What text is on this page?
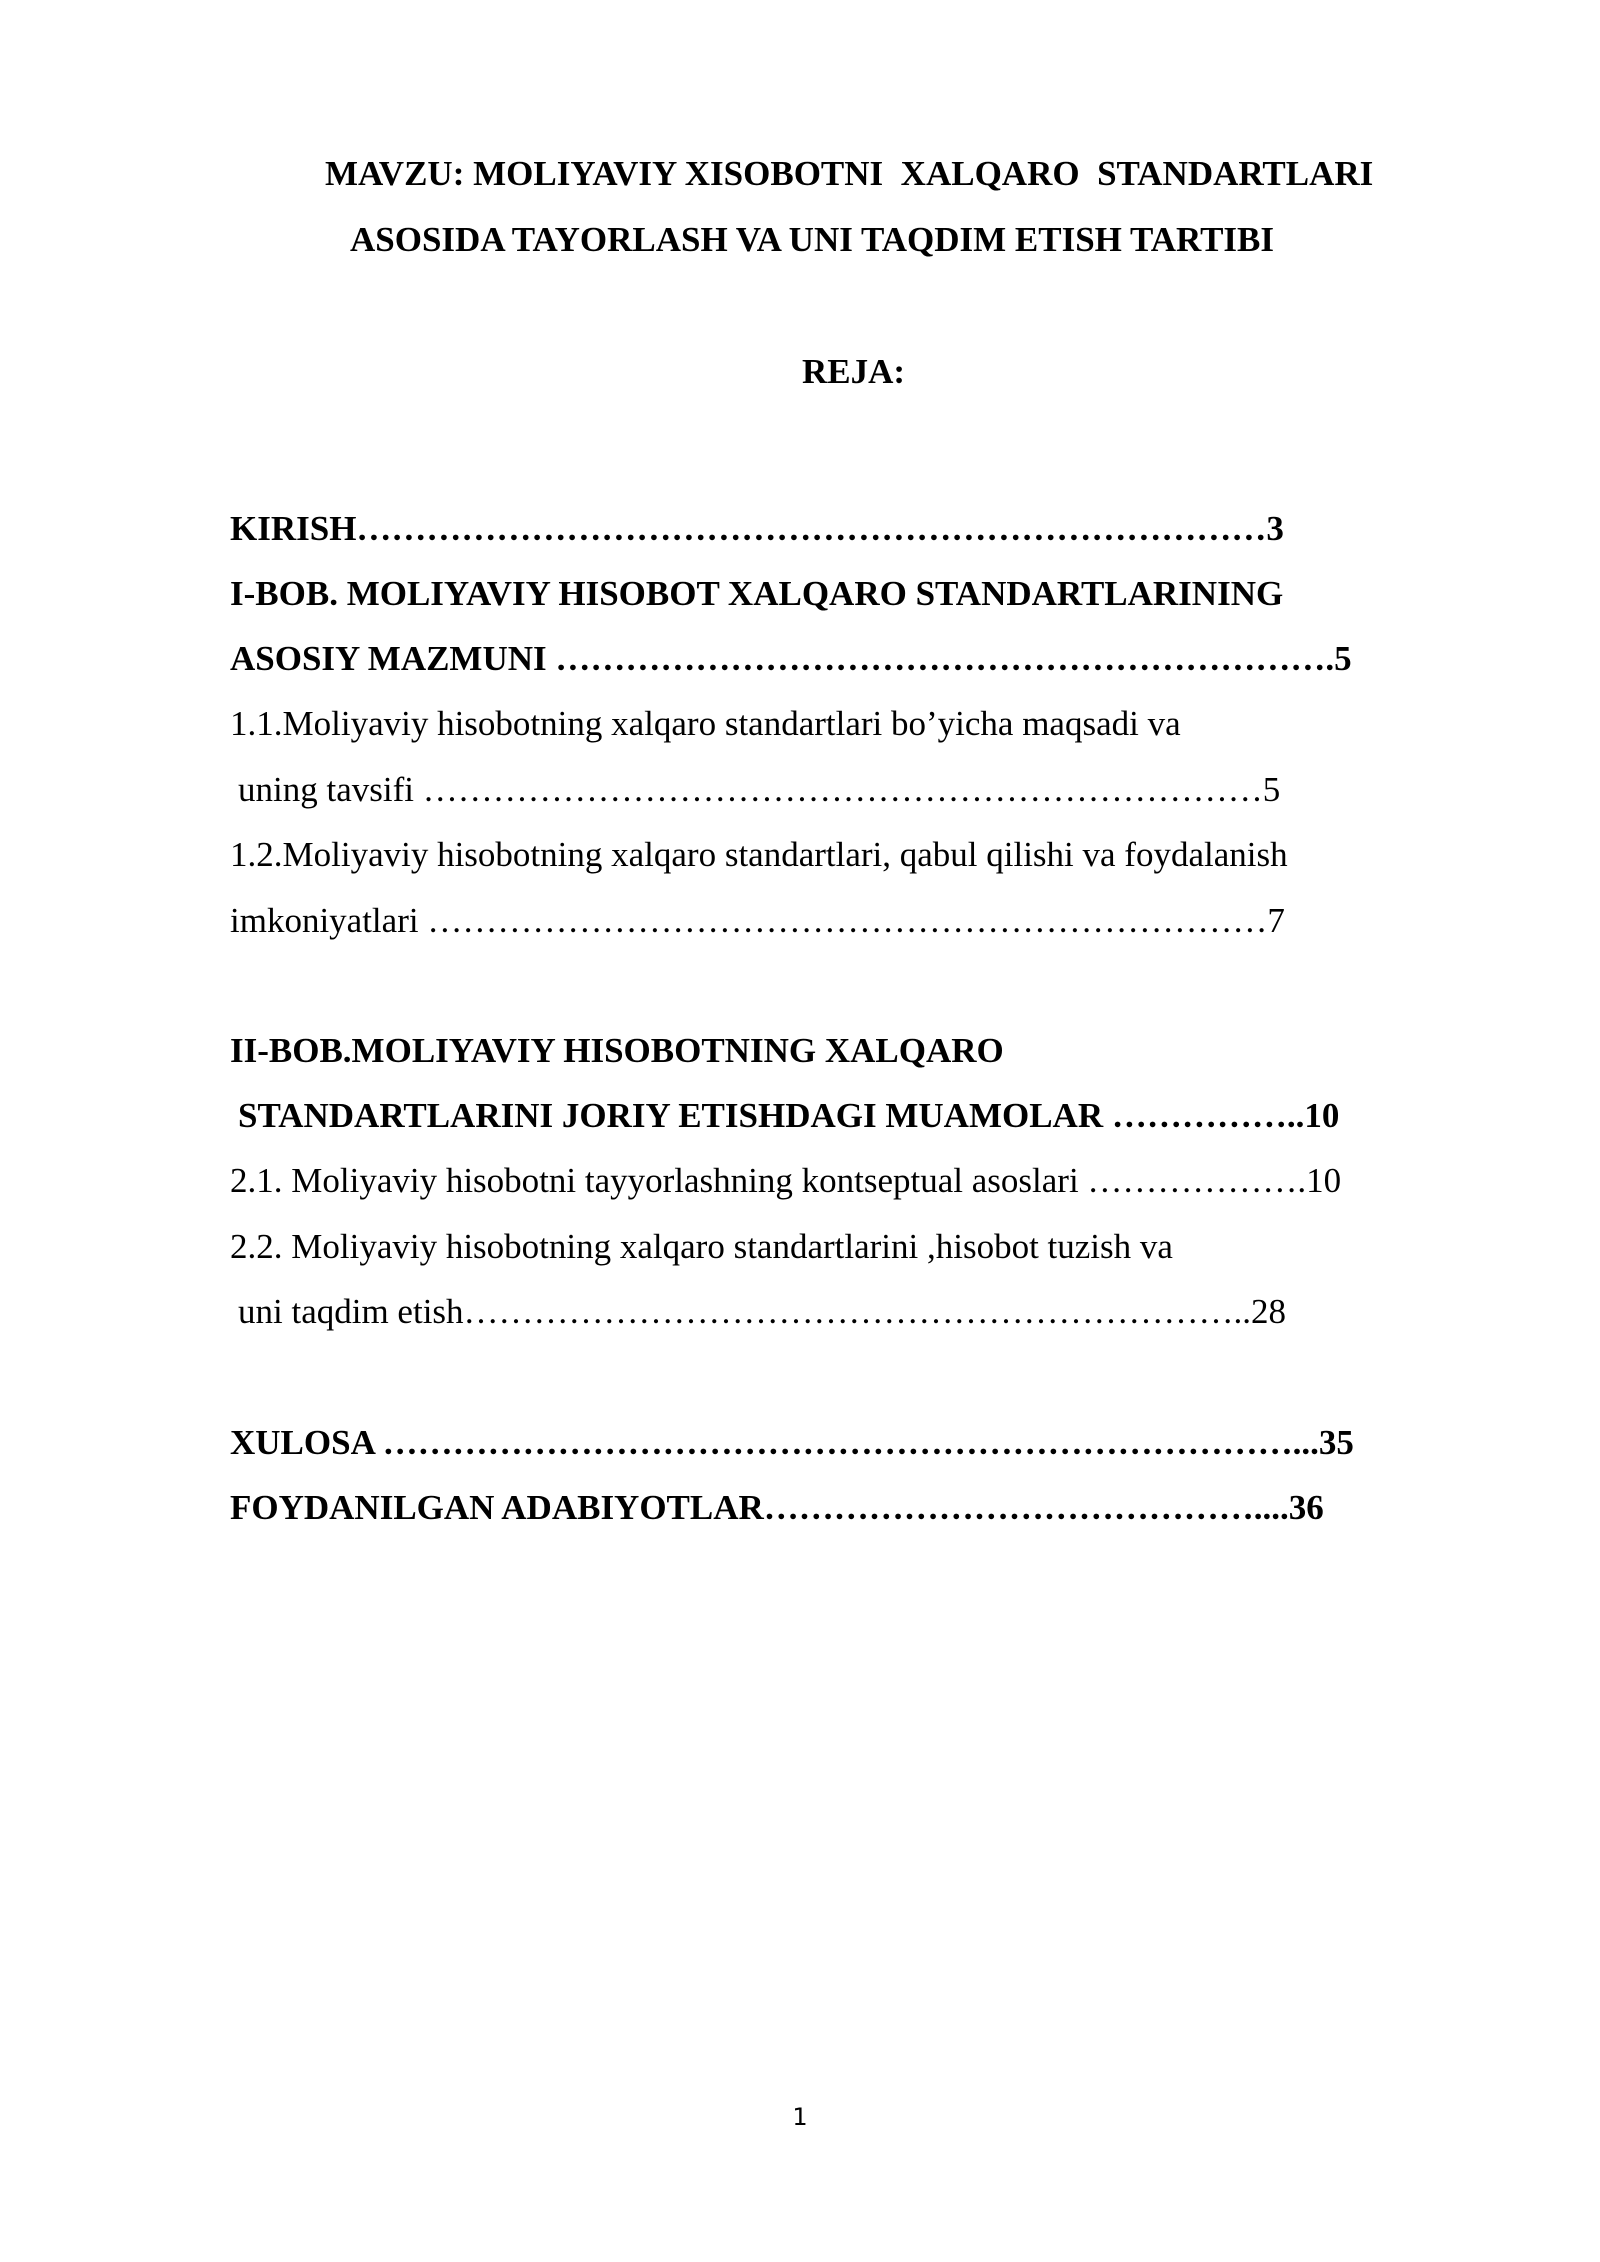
MAVZU: MOLIYAVIY XISOBOTNI  XALQARO  STANDARTLARI
ASOSIDA TAYORLASH VA UNI TAQDIM ETISH TARTIBI
REJA:
KIRISH……………………………………………………………………3
I-BOB. MOLIYAVIY HISOBOT XALQARO STANDARTLARINING
ASOSIY MAZMUNI ………………………………………………………….5
1.1.Moliyaviy hisobotning xalqaro standartlari bo’yicha maqsadi va
uning tavsifi ………………………………………………………………5
1.2.Moliyaviy hisobotning xalqaro standartlari, qabul qilishi va foydalanish
imkoniyatlari ………………………………………………………………7
II-BOB.MOLIYAVIY HISOBOTNING XALQARO
STANDARTLARINI JORIY ETISHDAGI MUAMOLAR ……………..10
2.1. Moliyaviy hisobotni tayyorlashning kontseptual asoslari ……………….10
2.2. Moliyaviy hisobotning xalqaro standartlarini ,hisobot tuzish va
uni taqdim etish…………………………………………………………..28
XULOSA ……………………………………………………………………...35
FOYDANILGAN ADABIYOTLAR……………………………………....36
1
